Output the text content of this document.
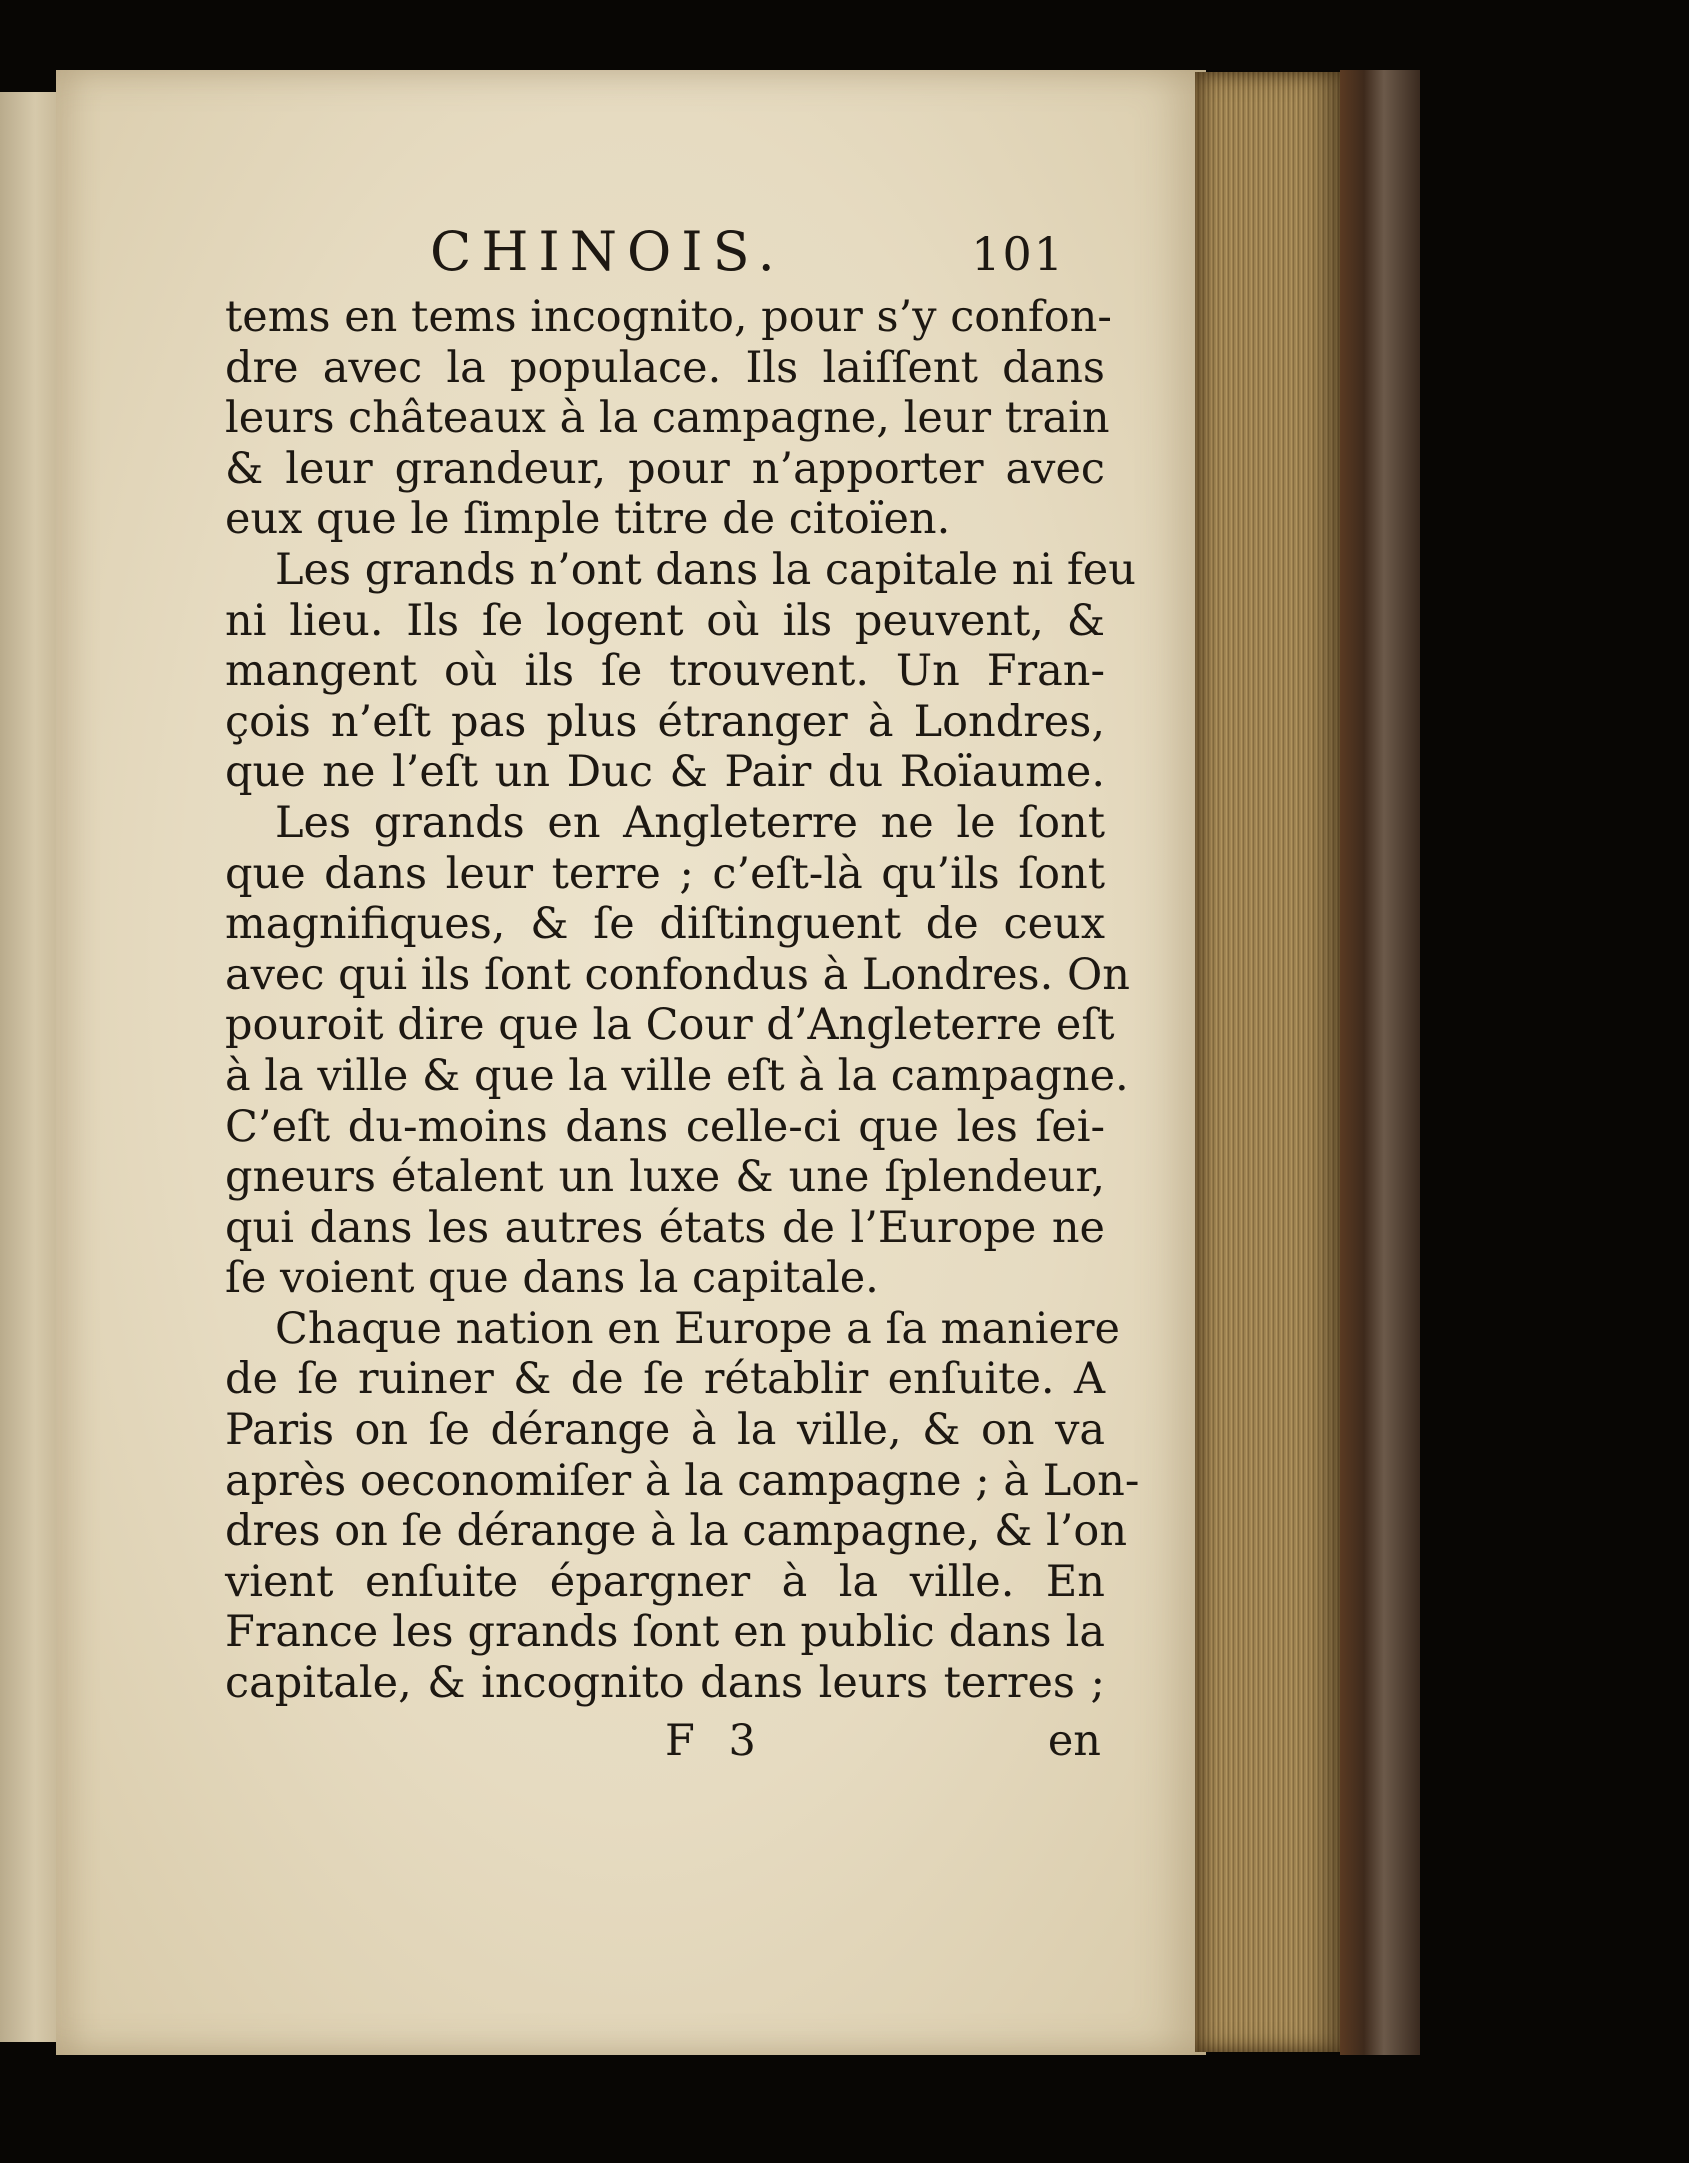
CHINOIS.	101
tems en tems incognito, pour s’y confon-
dre avec la populace. Ils laiſſent dans
leurs châteaux à la campagne, leur train
& leur grandeur, pour n’apporter avec
eux que le ſimple titre de citoïen.
Les grands n’ont dans la capitale ni feu
ni lieu. Ils ſe logent où ils peuvent, &
mangent où ils ſe trouvent. Un Fran-
çois n’eſt pas plus étranger à Londres,
que ne l’eſt un Duc & Pair du Roïaume.
Les grands en Angleterre ne le ſont
que dans leur terre ; c’eſt-là qu’ils ſont
magnifiques, & ſe diſtinguent de ceux
avec qui ils ſont confondus à Londres. On
pouroit dire que la Cour d’Angleterre eſt
à la ville & que la ville eſt à la campagne.
C’eſt du-moins dans celle-ci que les ſei-
gneurs étalent un luxe & une ſplendeur,
qui dans les autres états de l’Europe ne
ſe voient que dans la capitale.
Chaque nation en Europe a ſa maniere
de ſe ruiner & de ſe rétablir enſuite. A
Paris on ſe dérange à la ville, & on va
après oeconomiſer à la campagne ; à Lon-
dres on ſe dérange à la campagne, & l’on
vient enſuite épargner à la ville. En
France les grands ſont en public dans la
capitale, & incognito dans leurs terres ;
F 3	en
